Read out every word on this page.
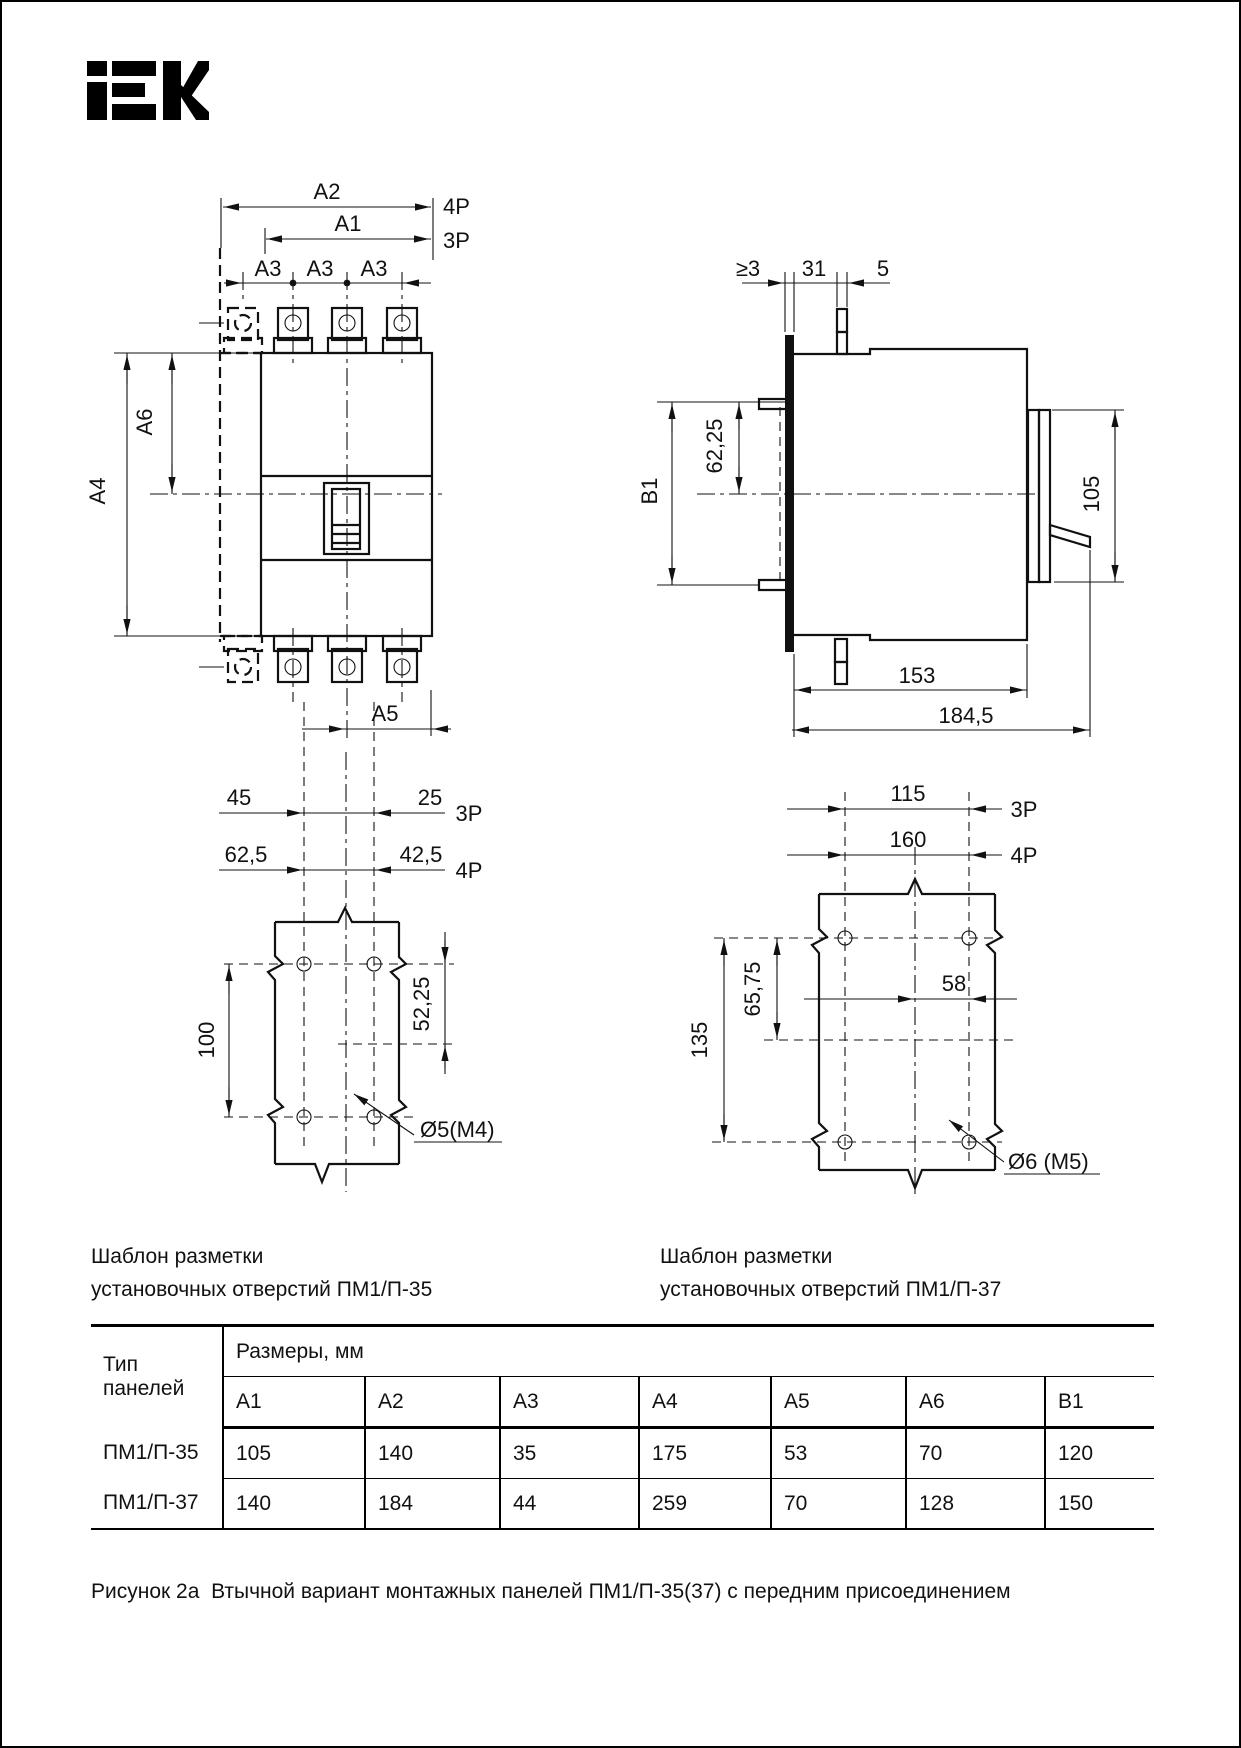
A2
4P
A1
3P
A3 A3 A3
A4
A6
A5
≥3 31 5
B1
62,25
105
153
184,5
45	25
3P
62,5	42,5
4P
100
52,25
Ø5(M4)
115
3P
160
4P
65,75
135
58
Ø6 (M5)
Шаблон разметки
установочных отверстий ПМ1/П-35
Шаблон разметки
установочных отверстий ПМ1/П-37
Тип панелей	Размеры, мм						
	A1	A2	A3	A4	A5	A6	B1
ПМ1/П-35	105	140	35	175	53	70	120
ПМ1/П-37	140	184	44	259	70	128	150
Рисунок 2а  Втычной вариант монтажных панелей ПМ1/П-35(37) с передним присоединением
